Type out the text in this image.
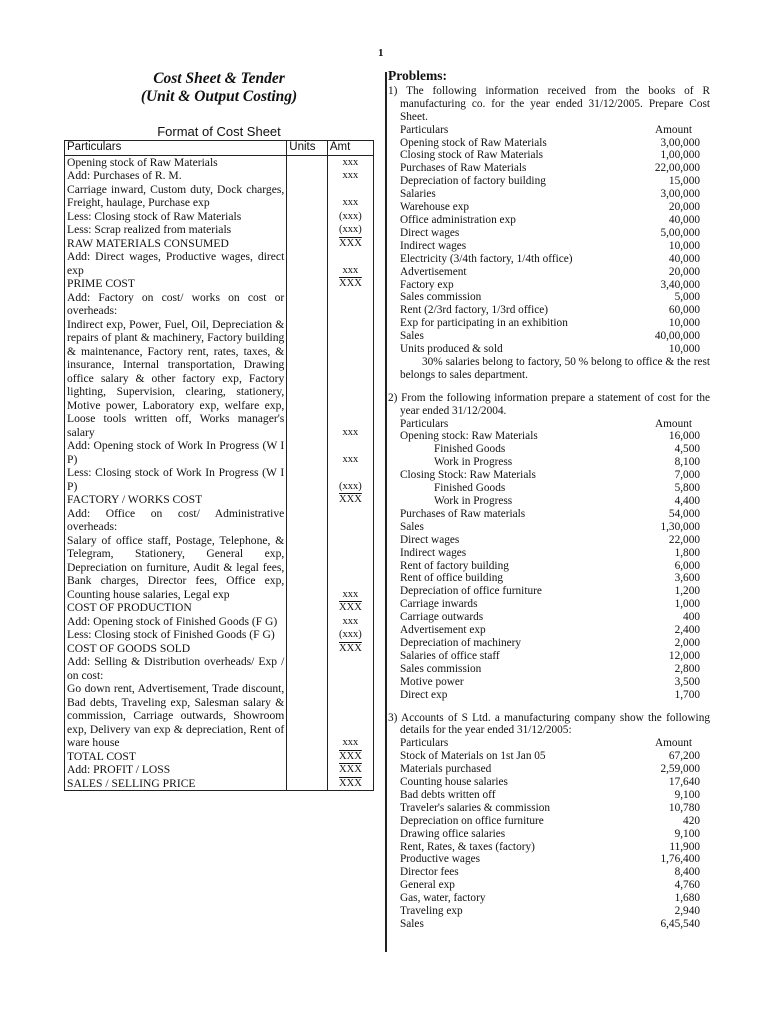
1
Cost Sheet & Tender
(Unit & Output Costing)
Format of Cost Sheet
Particulars	Units	Amt
Opening stock of Raw Materials		xxx
Add: Purchases of R. M.		xxx
Carriage inward, Custom duty, Dock charges, Freight, haulage, Purchase exp		xxx
Less: Closing stock of Raw Materials		(xxx)
Less: Scrap realized from materials		(xxx)
RAW MATERIALS CONSUMED		$\overline{XXX}$
Add: Direct wages, Productive wages, direct exp		xxx
PRIME COST		$\overline{XXX}$
Add: Factory on cost/ works on cost or overheads:		
Indirect exp, Power, Fuel, Oil, Depreciation & repairs of plant & machinery, Factory building & maintenance, Factory rent, rates, taxes, & insurance, Internal transportation, Drawing office salary & other factory exp, Factory lighting, Supervision, clearing, stationery, Motive power, Laboratory exp, welfare exp, Loose tools written off, Works manager's salary		xxx
Add: Opening stock of Work In Progress (W I P)		xxx
Less: Closing stock of Work In Progress (W I P)		(xxx)
FACTORY / WORKS COST		$\overline{XXX}$
Add: Office on cost/ Administrative overheads:		
Salary of office staff, Postage, Telephone, & Telegram, Stationery, General exp, Depreciation on furniture, Audit & legal fees, Bank charges, Director fees, Office exp, Counting house salaries, Legal exp		xxx
COST OF PRODUCTION		$\overline{XXX}$
Add: Opening stock of Finished Goods (F G)		xxx
Less: Closing stock of Finished Goods (F G)		(xxx)
COST OF GOODS SOLD		$\overline{XXX}$
Add: Selling & Distribution overheads/ Exp / on cost:		
Go down rent, Advertisement, Trade discount, Bad debts, Traveling exp, Salesman salary & commission, Carriage outwards, Showroom exp, Delivery van exp & depreciation, Rent of ware house		xxx
TOTAL COST		$\overline{XXX}$
Add: PROFIT / LOSS		$\overline{XXX}$
SALES / SELLING PRICE		$\overline{XXX}$
Problems:
1) The following information received from the books of R manufacturing co. for the year ended 31/12/2005. Prepare Cost Sheet.
Particulars	Amount
Opening stock of Raw Materials	3,00,000
Closing stock of Raw Materials	1,00,000
Purchases of Raw Materials	22,00,000
Depreciation of factory building	15,000
Salaries	3,00,000
Warehouse exp	20,000
Office administration exp	40,000
Direct wages	5,00,000
Indirect wages	10,000
Electricity (3/4th factory, 1/4th office)	40,000
Advertisement	20,000
Factory exp	3,40,000
Sales commission	5,000
Rent (2/3rd factory, 1/3rd office)	60,000
Exp for participating in an exhibition	10,000
Sales	40,00,000
Units produced & sold	10,000
30% salaries belong to factory, 50 % belong to office & the rest belongs to sales department.
2) From the following information prepare a statement of cost for the year ended 31/12/2004.
Particulars	Amount
Opening stock: Raw Materials	16,000
Finished Goods	4,500
Work in Progress	8,100
Closing Stock: Raw Materials	7,000
Finished Goods	5,800
Work in Progress	4,400
Purchases of Raw materials	54,000
Sales	1,30,000
Direct wages	22,000
Indirect wages	1,800
Rent of factory building	6,000
Rent of office building	3,600
Depreciation of office furniture	1,200
Carriage inwards	1,000
Carriage outwards	400
Advertisement exp	2,400
Depreciation of machinery	2,000
Salaries of office staff	12,000
Sales commission	2,800
Motive power	3,500
Direct exp	1,700
3) Accounts of S Ltd. a manufacturing company show the following details for the year ended 31/12/2005:
Particulars	Amount
Stock of Materials on 1st Jan 05	67,200
Materials purchased	2,59,000
Counting house salaries	17,640
Bad debts written off	9,100
Traveler's salaries & commission	10,780
Depreciation on office furniture	420
Drawing office salaries	9,100
Rent, Rates, & taxes (factory)	11,900
Productive wages	1,76,400
Director fees	8,400
General exp	4,760
Gas, water, factory	1,680
Traveling exp	2,940
Sales	6,45,540
